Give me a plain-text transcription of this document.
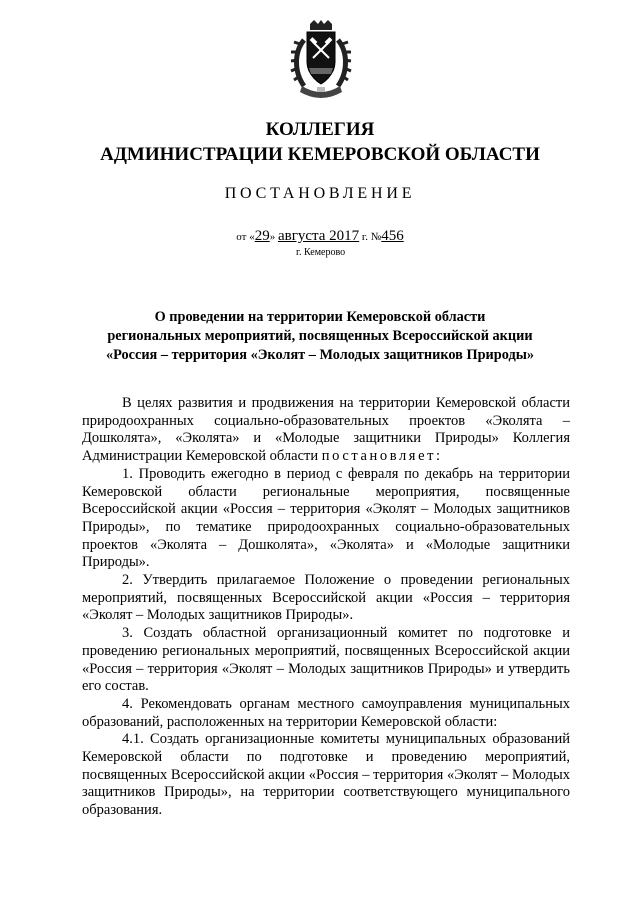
КОЛЛЕГИЯ
АДМИНИСТРАЦИИ КЕМЕРОВСКОЙ ОБЛАСТИ
ПОСТАНОВЛЕНИЕ
от «29» августа 2017 г. №456
г. Кемерово
О проведении на территории Кемеровской области
региональных мероприятий, посвященных Всероссийской акции
«Россия – территория «Эколят – Молодых защитников Природы»

В целях развития и продвижения на территории Кемеровской области природоохранных социально-образовательных проектов «Эколята – Дошколята», «Эколята» и «Молодые защитники Природы» Коллегия Администрации Кемеровской области постановляет:

1. Проводить ежегодно в период с февраля по декабрь на территории Кемеровской области региональные мероприятия, посвященные Всероссийской акции «Россия – территория «Эколят – Молодых защитников Природы», по тематике природоохранных социально-образовательных проектов «Эколята – Дошколята», «Эколята» и «Молодые защитники Природы».

2. Утвердить прилагаемое Положение о проведении региональных мероприятий, посвященных Всероссийской акции «Россия – территория «Эколят – Молодых защитников Природы».

3. Создать областной организационный комитет по подготовке и проведению региональных мероприятий, посвященных Всероссийской акции «Россия – территория «Эколят – Молодых защитников Природы» и утвердить его состав.

4. Рекомендовать органам местного самоуправления муниципальных образований, расположенных на территории Кемеровской области:

4.1. Создать организационные комитеты муниципальных образований Кемеровской области по подготовке и проведению мероприятий, посвященных Всероссийской акции «Россия – территория «Эколят – Молодых защитников Природы», на территории соответствующего муниципального образования.
